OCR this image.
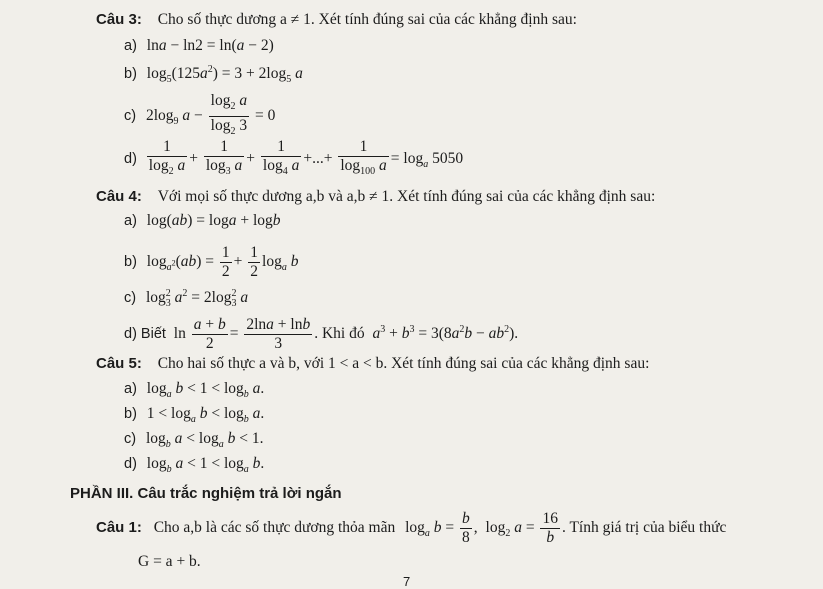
Câu 3: Cho số thực dương a ≠ 1. Xét tính đúng sai của các khẳng định sau:
a) lna − ln2 = ln(a − 2)
b) $\log_5(125a^2) = 3 + 2\log_5$ a
c) $2\log_9$ $a - \frac{\log_2 a}{\log_2 3} = 0$
$d) \frac{1}{\log_2 a} + \frac{1}{\log_3 a} + \frac{1}{\log_4 a}$ +...+ $\frac{1}{\log_{100} a} = \log_a 5050$
Câu 4: Với mọi số thực dương a,b và a,b ≠ 1. Xét tính đúng sai của các khẳng định sau:
a) log(ab) = loga + logb
b) $\log_{a^2}(ab) = \frac{1}{2} + \frac{1}{2} \log_a b$
c) $\log_3^2 a^2 = 2\log_3^2$ a
d) Biết $\ln \frac{a + b}{2} = \frac{2\ln a + \ln b}{3}$ . Khi đó $a^3 + b^3 = 3(8a^2b - ab^2)$.
Câu 5: Cho hai số thực a và b, với 1 < a < b. Xét tính đúng sai của các khẳng định sau:
a) $\log_a b < 1 < \log_b a$.
b) $1 < \log_a b < \log_b a$.
c) $\log_b a < \log_a b < 1$.
d) $\log_b a < 1 < \log_a b$.
PHẦN III. Câu trắc nghiệm trả lời ngắn
Câu 1: Cho a,b là các số thực dương thỏa mãn $\log_a b = \frac{b}{8}$ , $\log_2 a = \frac{16}{b}$ . Tính giá trị của biểu thức
G = a + b.
7
